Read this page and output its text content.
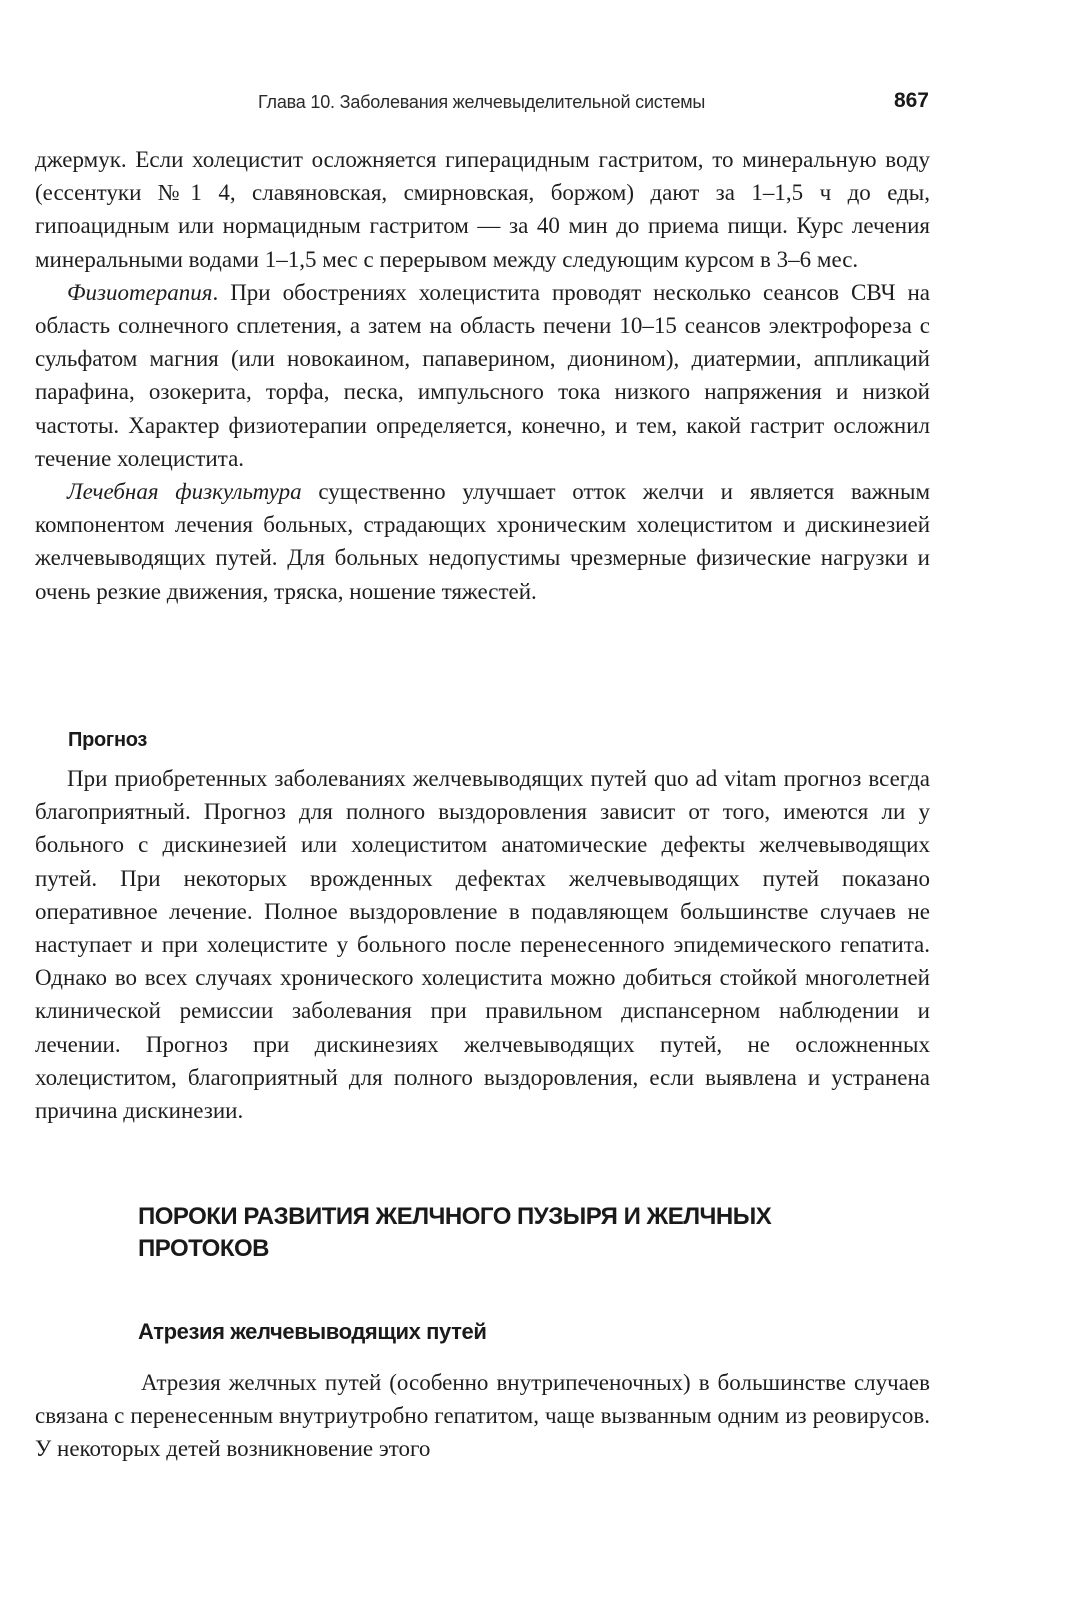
Глава 10. Заболевания желчевыделительной системы	867

джермук. Если холецистит осложняется гиперацидным гастритом, то минеральную воду (ессентуки №1 4, славяновская, смирновская, боржом) дают за 1–1,5 ч до еды, гипоацидным или нормацидным гастритом — за 40 мин до приема пищи. Курс лечения минеральными водами 1–1,5 мес с перерывом между следующим курсом в 3–6 мес.

Физиотерапия. При обострениях холецистита проводят несколько сеансов СВЧ на область солнечного сплетения, а затем на область печени 10–15 сеансов электрофореза с сульфатом магния (или новокаином, папаверином, дионином), диатермии, аппликаций парафина, озокерита, торфа, песка, импульсного тока низкого напряжения и низкой частоты. Характер физиотерапии определяется, конечно, и тем, какой гастрит осложнил течение холецистита.

Лечебная физкультура существенно улучшает отток желчи и является важным компонентом лечения больных, страдающих хроническим холециститом и дискинезией желчевыводящих путей. Для больных недопустимы чрезмерные физические нагрузки и очень резкие движения, тряска, ношение тяжестей.

Прогноз

При приобретенных заболеваниях желчевыводящих путей quo ad vitam прогноз всегда благоприятный. Прогноз для полного выздоровления зависит от того, имеются ли у больного с дискинезией или холециститом анатомические дефекты желчевыводящих путей. При некоторых врожденных дефектах желчевыводящих путей показано оперативное лечение. Полное выздоровление в подавляющем большинстве случаев не наступает и при холецистите у больного после перенесенного эпидемического гепатита. Однако во всех случаях хронического холецистита можно добиться стойкой многолетней клинической ремиссии заболевания при правильном диспансерном наблюдении и лечении. Прогноз при дискинезиях желчевыводящих путей, не осложненных холециститом, благоприятный для полного выздоровления, если выявлена и устранена причина дискинезии.

ПОРОКИ РАЗВИТИЯ ЖЕЛЧНОГО ПУЗЫРЯ И ЖЕЛЧНЫХ ПРОТОКОВ
Атрезия желчевыводящих путей

Атрезия желчных путей (особенно внутрипеченочных) в большинстве случаев связана с перенесенным внутриутробно гепатитом, чаще вызванным одним из реовирусов. У некоторых детей возникновение этого
